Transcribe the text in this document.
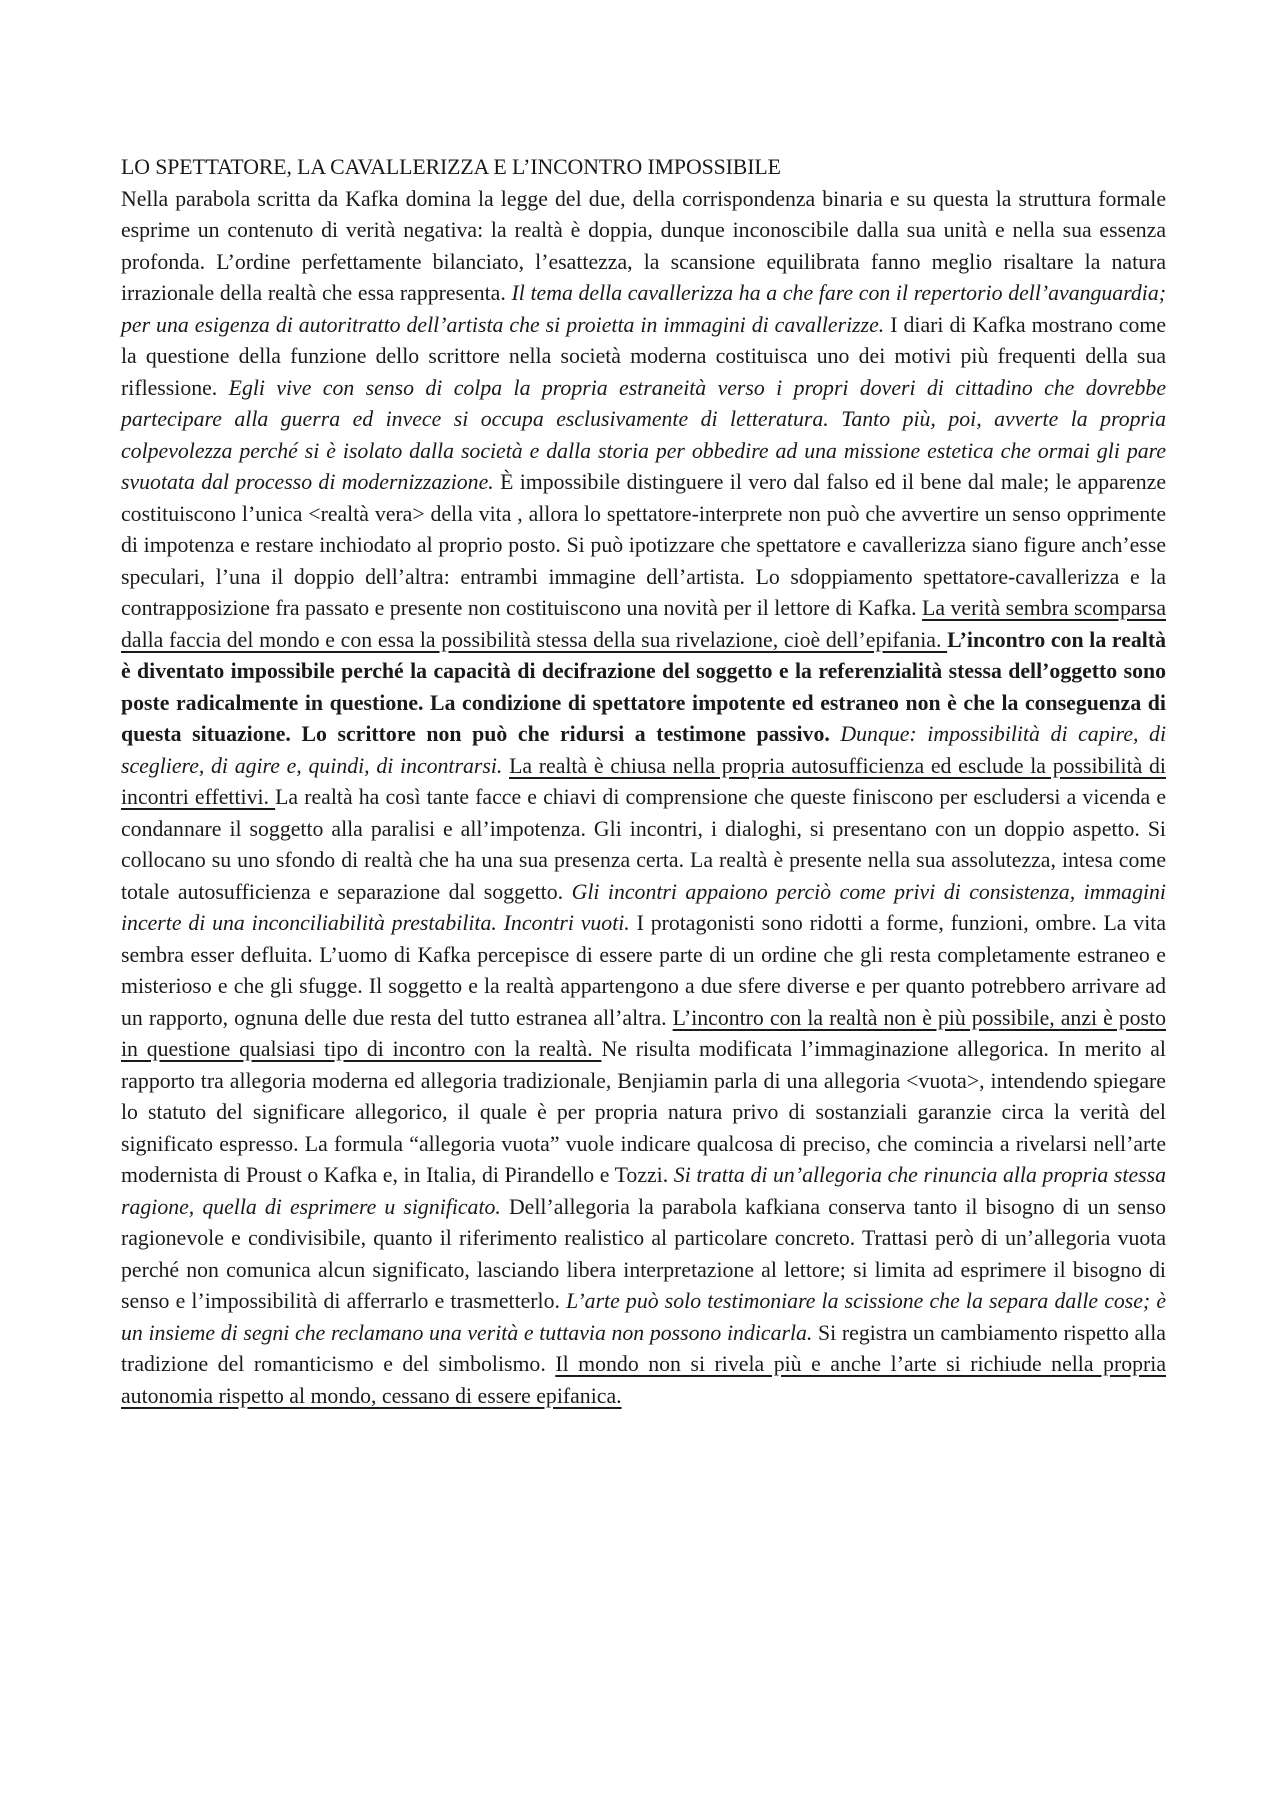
LO SPETTATORE, LA CAVALLERIZZA E L’INCONTRO IMPOSSIBILE

Nella parabola scritta da Kafka domina la legge del due, della corrispondenza binaria e su questa la struttura formale esprime un contenuto di verità negativa: la realtà è doppia, dunque inconoscibile dalla sua unità e nella sua essenza profonda. L’ordine perfettamente bilanciato, l’esattezza, la scansione equilibrata fanno meglio risaltare la natura irrazionale della realtà che essa rappresenta. Il tema della cavallerizza ha a che fare con il repertorio dell’avanguardia; per una esigenza di autoritratto dell’artista che si proietta in immagini di cavallerizze. I diari di Kafka mostrano come la questione della funzione dello scrittore nella società moderna costituisca uno dei motivi più frequenti della sua riflessione. Egli vive con senso di colpa la propria estraneità verso i propri doveri di cittadino che dovrebbe partecipare alla guerra ed invece si occupa esclusivamente di letteratura. Tanto più, poi, avverte la propria colpevolezza perché si è isolato dalla società e dalla storia per obbedire ad una missione estetica che ormai gli pare svuotata dal processo di modernizzazione. È impossibile distinguere il vero dal falso ed il bene dal male; le apparenze costituiscono l’unica <realtà vera> della vita , allora lo spettatore-interprete non può che avvertire un senso opprimente di impotenza e restare inchiodato al proprio posto. Si può ipotizzare che spettatore e cavallerizza siano figure anch’esse speculari, l’una il doppio dell’altra: entrambi immagine dell’artista. Lo sdoppiamento spettatore-cavallerizza e la contrapposizione fra passato e presente non costituiscono una novità per il lettore di Kafka. La verità sembra scomparsa dalla faccia del mondo e con essa la possibilità stessa della sua rivelazione, cioè dell’epifania. L’incontro con la realtà è diventato impossibile perché la capacità di decifrazione del soggetto e la referenzialità stessa dell’oggetto sono poste radicalmente in questione. La condizione di spettatore impotente ed estraneo non è che la conseguenza di questa situazione. Lo scrittore non può che ridursi a testimone passivo. Dunque: impossibilità di capire, di scegliere, di agire e, quindi, di incontrarsi. La realtà è chiusa nella propria autosufficienza ed esclude la possibilità di incontri effettivi. La realtà ha così tante facce e chiavi di comprensione che queste finiscono per escludersi a vicenda e condannare il soggetto alla paralisi e all’impotenza. Gli incontri, i dialoghi, si presentano con un doppio aspetto. Si collocano su uno sfondo di realtà che ha una sua presenza certa. La realtà è presente nella sua assolutezza, intesa come totale autosufficienza e separazione dal soggetto. Gli incontri appaiono perciò come privi di consistenza, immagini incerte di una inconciliabilità prestabilita. Incontri vuoti. I protagonisti sono ridotti a forme, funzioni, ombre. La vita sembra esser defluita. L’uomo di Kafka percepisce di essere parte di un ordine che gli resta completamente estraneo e misterioso e che gli sfugge. Il soggetto e la realtà appartengono a due sfere diverse e per quanto potrebbero arrivare ad un rapporto, ognuna delle due resta del tutto estranea all’altra. L’incontro con la realtà non è più possibile, anzi è posto in questione qualsiasi tipo di incontro con la realtà. Ne risulta modificata l’immaginazione allegorica. In merito al rapporto tra allegoria moderna ed allegoria tradizionale, Benjiamin parla di una allegoria <vuota>, intendendo spiegare lo statuto del significare allegorico, il quale è per propria natura privo di sostanziali garanzie circa la verità del significato espresso. La formula “allegoria vuota” vuole indicare qualcosa di preciso, che comincia a rivelarsi nell’arte modernista di Proust o Kafka e, in Italia, di Pirandello e Tozzi. Si tratta di un’allegoria che rinuncia alla propria stessa ragione, quella di esprimere u significato. Dell’allegoria la parabola kafkiana conserva tanto il bisogno di un senso ragionevole e condivisibile, quanto il riferimento realistico al particolare concreto. Trattasi però di un’allegoria vuota perché non comunica alcun significato, lasciando libera interpretazione al lettore; si limita ad esprimere il bisogno di senso e l’impossibilità di afferrarlo e trasmetterlo. L’arte può solo testimoniare la scissione che la separa dalle cose; è un insieme di segni che reclamano una verità e tuttavia non possono indicarla. Si registra un cambiamento rispetto alla tradizione del romanticismo e del simbolismo. Il mondo non si rivela più e anche l’arte si richiude nella propria autonomia rispetto al mondo, cessano di essere epifanica.
